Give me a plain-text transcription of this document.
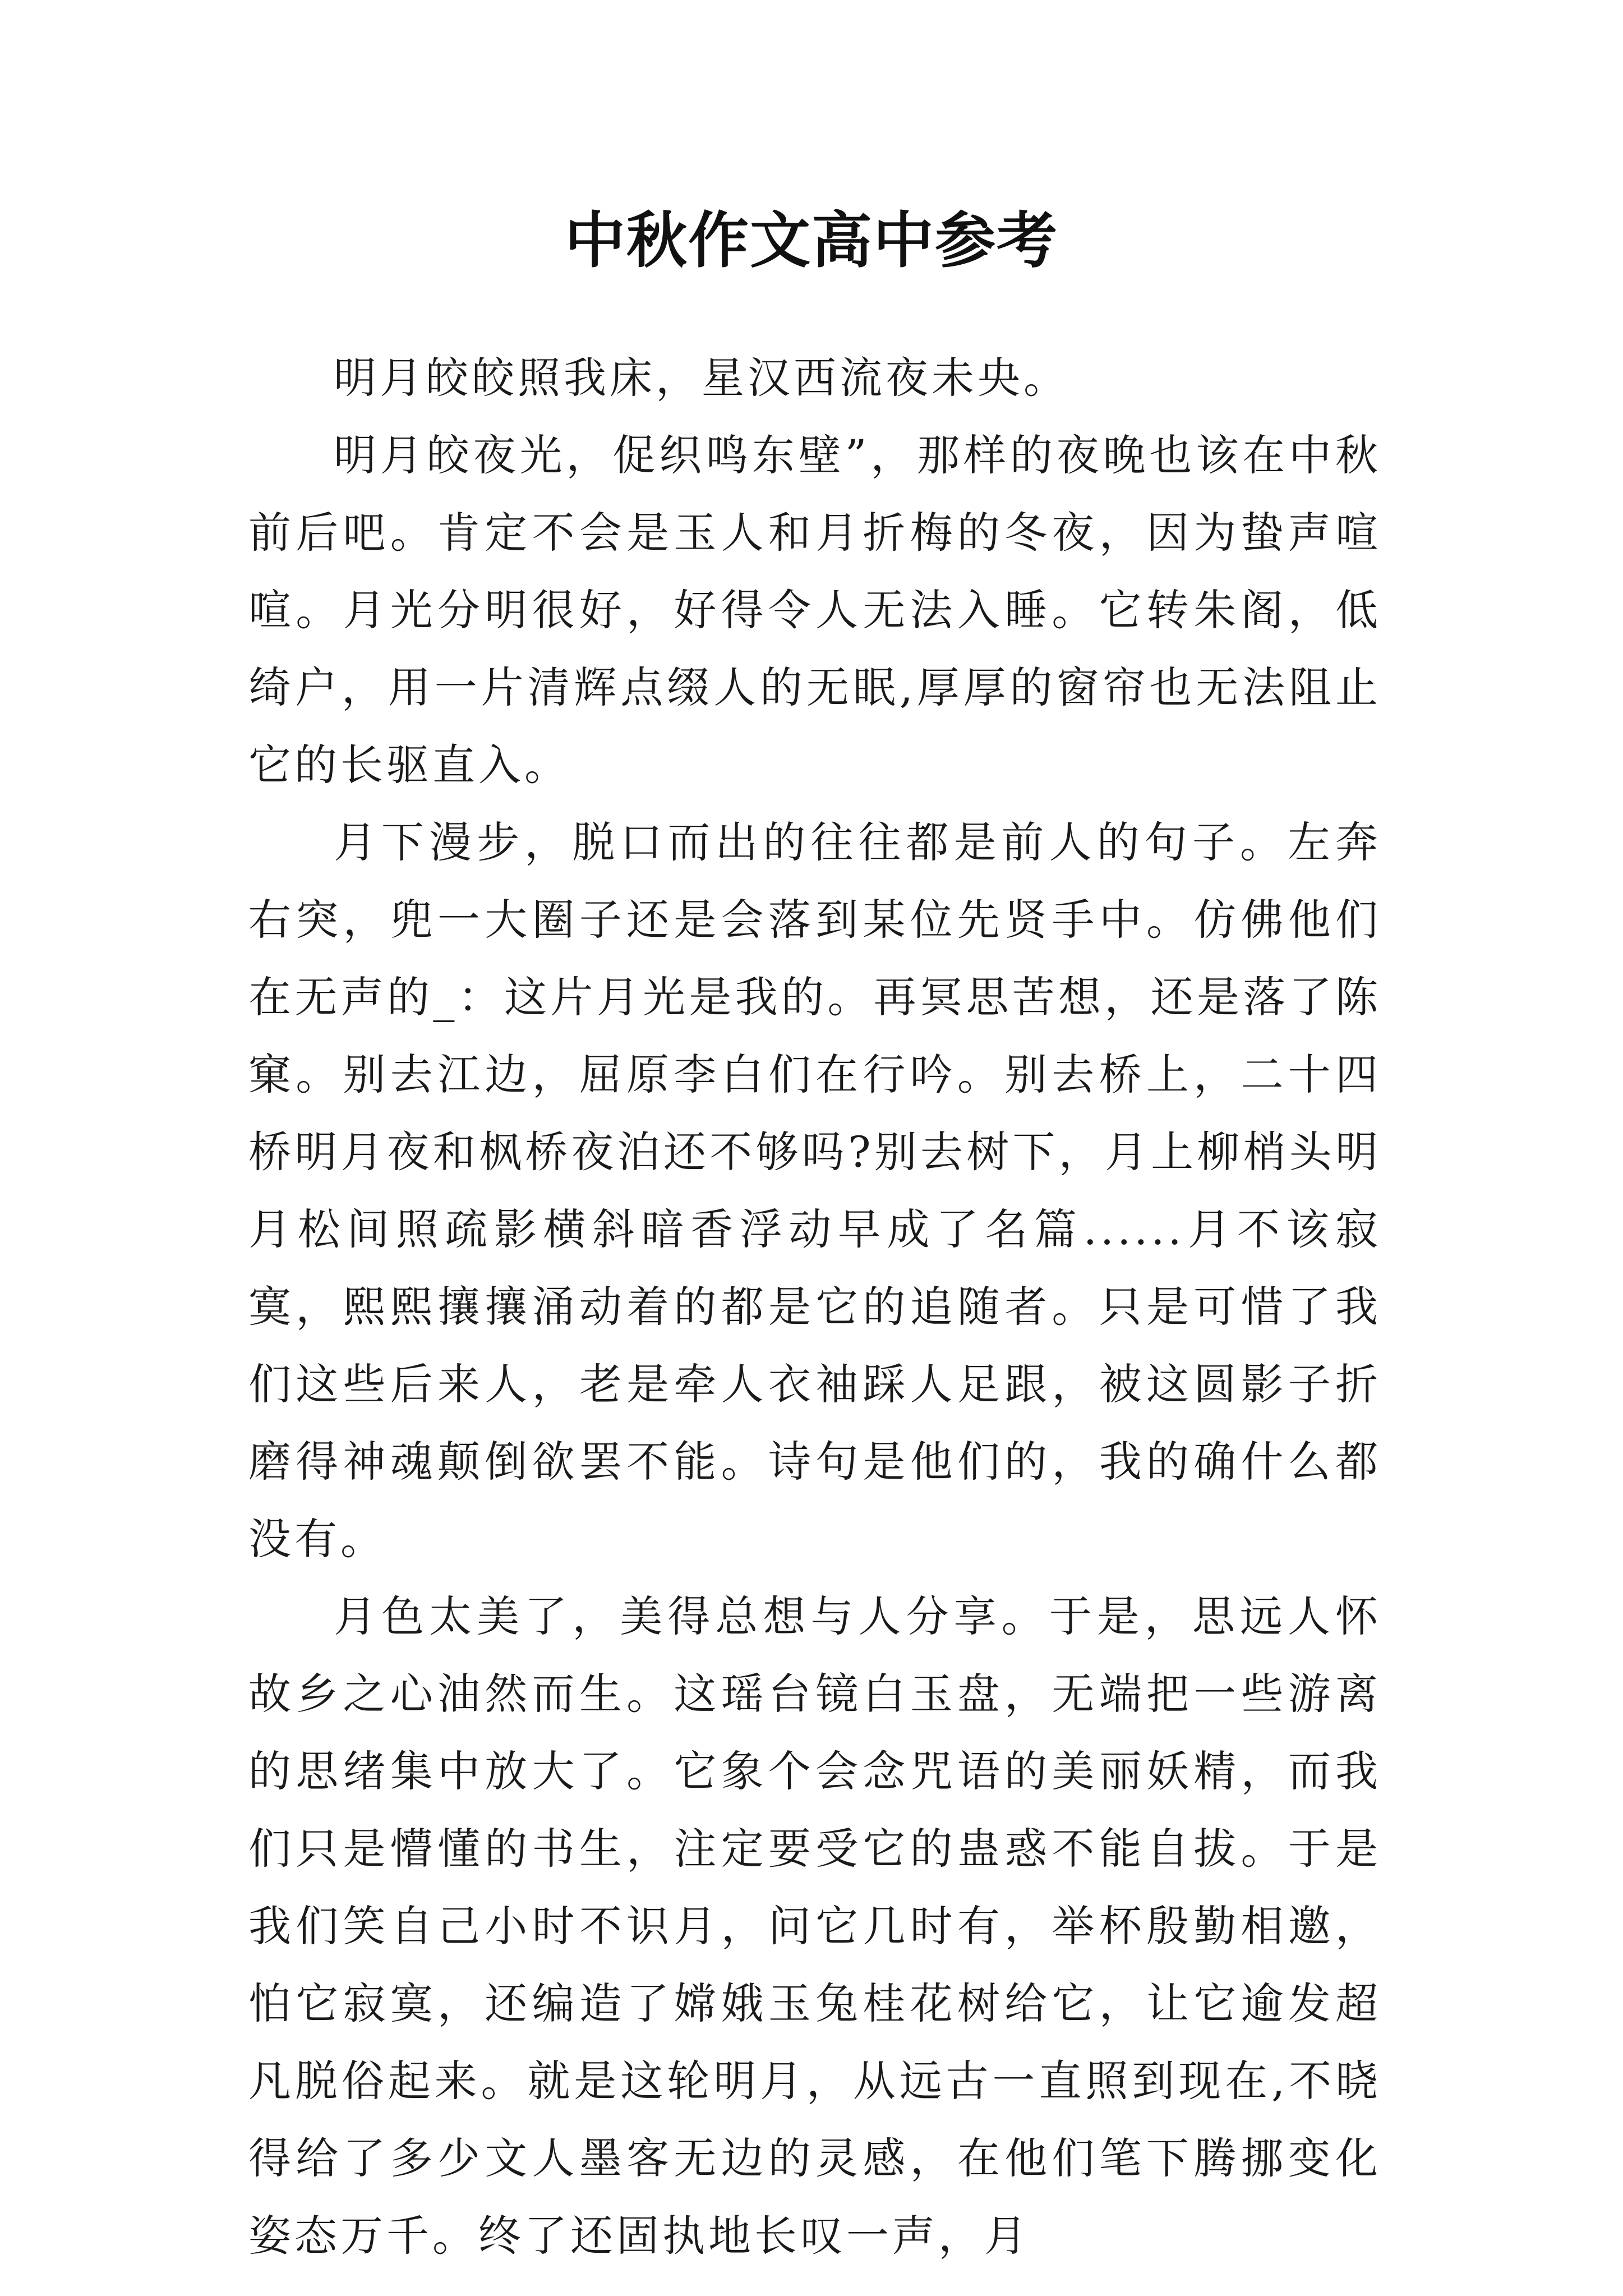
中秋作文高中参考

明月皎皎照我床，星汉西流夜未央。

明月皎夜光，促织鸣东壁”，那样的夜晚也该在中秋前后吧。肯定不会是玉人和月折梅的冬夜，因为蛰声喧喧。月光分明很好，好得令人无法入睡。它转朱阁，低绮户，用一片清辉点缀人的无眠,厚厚的窗帘也无法阻止它的长驱直入。

月下漫步，脱口而出的往往都是前人的句子。左奔右突，兜一大圈子还是会落到某位先贤手中。仿佛他们在无声的_：这片月光是我的。再冥思苦想，还是落了陈窠。别去江边，屈原李白们在行吟。别去桥上，二十四桥明月夜和枫桥夜泊还不够吗?别去树下，月上柳梢头明月松间照疏影横斜暗香浮动早成了名篇......月不该寂寞，熙熙攘攘涌动着的都是它的追随者。只是可惜了我们这些后来人，老是牵人衣袖踩人足跟，被这圆影子折磨得神魂颠倒欲罢不能。诗句是他们的，我的确什么都没有。

月色太美了，美得总想与人分享。于是，思远人怀故乡之心油然而生。这瑶台镜白玉盘，无端把一些游离的思绪集中放大了。它象个会念咒语的美丽妖精，而我们只是懵懂的书生，注定要受它的蛊惑不能自拔。于是我们笑自己小时不识月，问它几时有，举杯殷勤相邀，怕它寂寞，还编造了嫦娥玉兔桂花树给它，让它逾发超凡脱俗起来。就是这轮明月，从远古一直照到现在,不晓得给了多少文人墨客无边的灵感，在他们笔下腾挪变化姿态万千。终了还固执地长叹一声，月
